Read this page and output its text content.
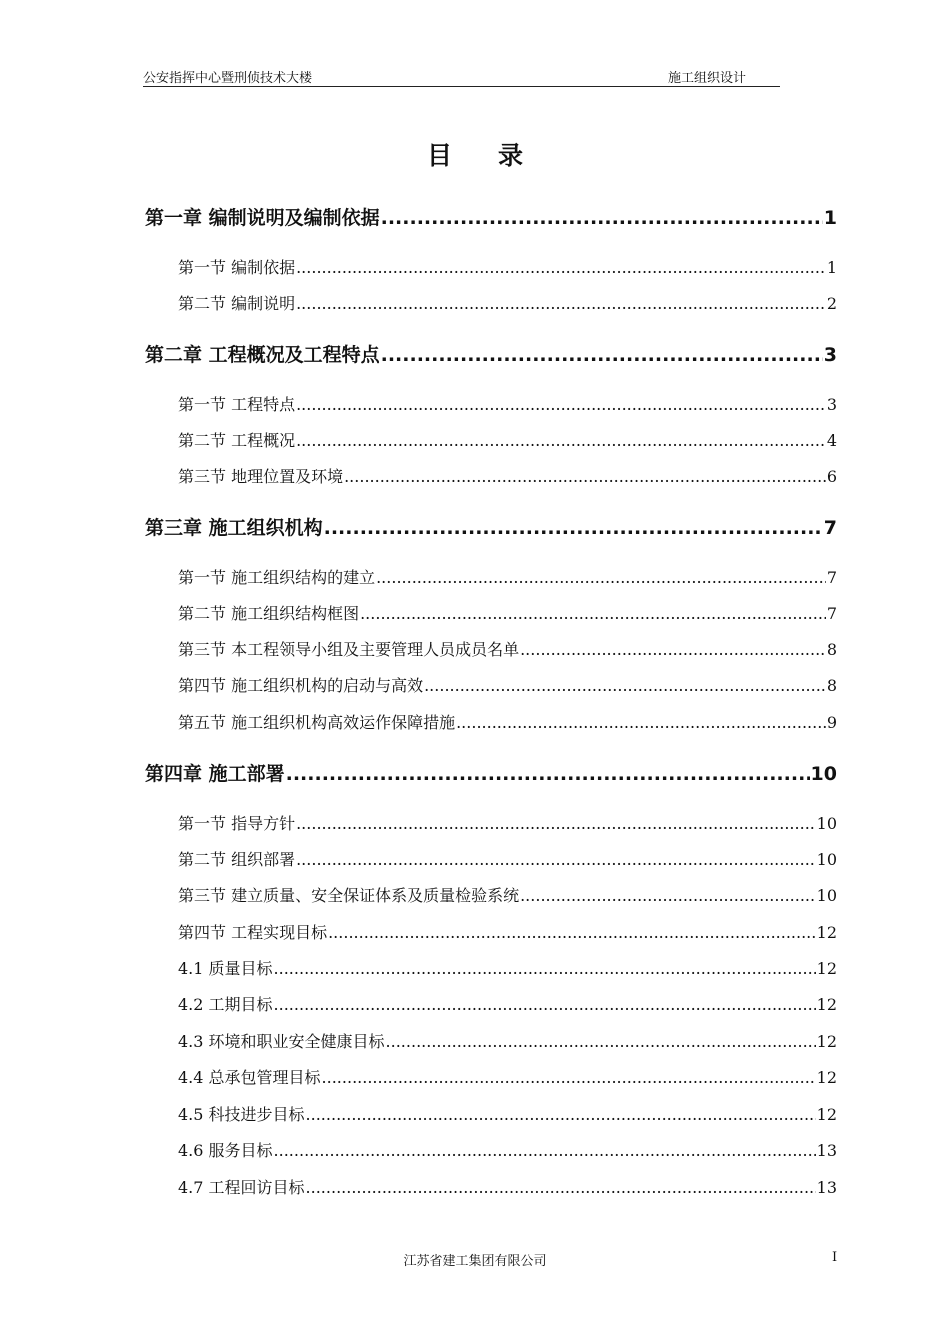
公安指挥中心暨刑侦技术大楼	施工组织设计
目录
第一章 编制说明及编制依据 .....	1
第一节 编制依据 .....	1
第二节 编制说明 .....	2
第二章 工程概况及工程特点 .....	3
第一节 工程特点 .....	3
第二节 工程概况 .....	4
第三节 地理位置及环境 .....	6
第三章 施工组织机构 .....	7
第一节 施工组织结构的建立 .....	7
第二节 施工组织结构框图 .....	7
第三节 本工程领导小组及主要管理人员成员名单 .....	8
第四节 施工组织机构的启动与高效 .....	8
第五节 施工组织机构高效运作保障措施 .....	9
第四章 施工部署 .....	10
第一节 指导方针 .....	10
第二节 组织部署 .....	10
第三节 建立质量、安全保证体系及质量检验系统 .....	10
第四节 工程实现目标 .....	12
4.1 质量目标 .....	12
4.2 工期目标 .....	12
4.3 环境和职业安全健康目标 .....	12
4.4 总承包管理目标 .....	12
4.5 科技进步目标 .....	12
4.6 服务目标 .....	13
4.7 工程回访目标 .....	13
江苏省建工集团有限公司	I
